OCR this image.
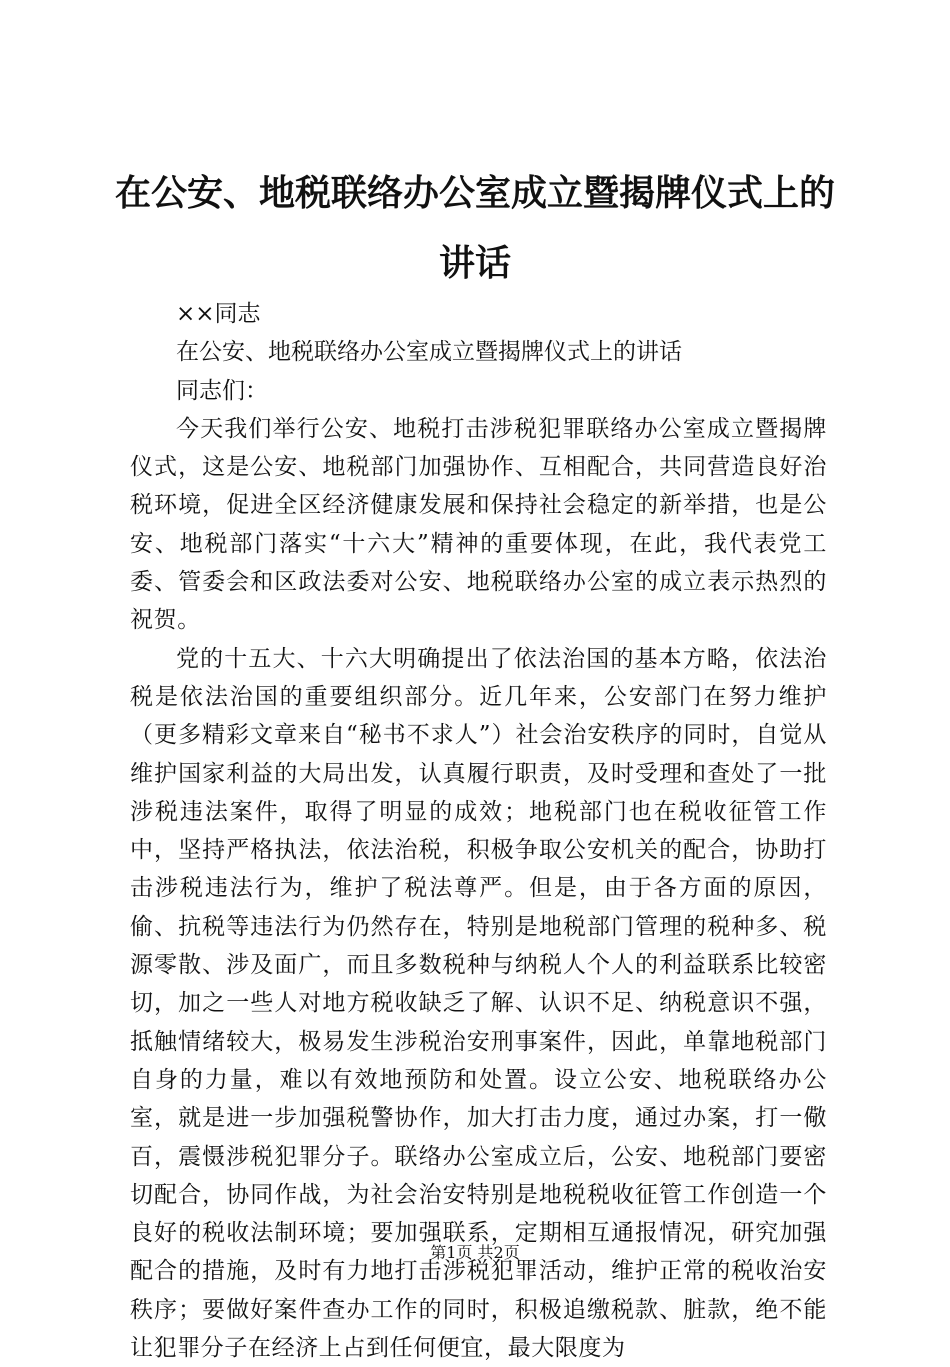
在公安、地税联络办公室成立暨揭牌仪式上的讲话

××同志

在公安、地税联络办公室成立暨揭牌仪式上的讲话

同志们：

今天我们举行公安、地税打击涉税犯罪联络办公室成立暨揭牌仪式，这是公安、地税部门加强协作、互相配合，共同营造良好治税环境，促进全区经济健康发展和保持社会稳定的新举措，也是公安、地税部门落实“十六大”精神的重要体现，在此，我代表党工委、管委会和区政法委对公安、地税联络办公室的成立表示热烈的祝贺。

党的十五大、十六大明确提出了依法治国的基本方略，依法治税是依法治国的重要组织部分。近几年来，公安部门在努力维护（更多精彩文章来自“秘书不求人”）社会治安秩序的同时，自觉从维护国家利益的大局出发，认真履行职责，及时受理和查处了一批涉税违法案件，取得了明显的成效；地税部门也在税收征管工作中，坚持严格执法，依法治税，积极争取公安机关的配合，协助打击涉税违法行为，维护了税法尊严。但是，由于各方面的原因，偷、抗税等违法行为仍然存在，特别是地税部门管理的税种多、税源零散、涉及面广，而且多数税种与纳税人个人的利益联系比较密切，加之一些人对地方税收缺乏了解、认识不足、纳税意识不强，抵触情绪较大，极易发生涉税治安刑事案件，因此，单靠地税部门自身的力量，难以有效地预防和处置。设立公安、地税联络办公室，就是进一步加强税警协作，加大打击力度，通过办案，打一儆百，震慑涉税犯罪分子。联络办公室成立后，公安、地税部门要密切配合，协同作战，为社会治安特别是地税税收征管工作创造一个良好的税收法制环境；要加强联系，定期相互通报情况，研究加强配合的措施，及时有力地打击涉税犯罪活动，维护正常的税收治安秩序；要做好案件查办工作的同时，积极追缴税款、脏款，绝不能让犯罪分子在经济上占到任何便宜，最大限度为

第1页 共2页
